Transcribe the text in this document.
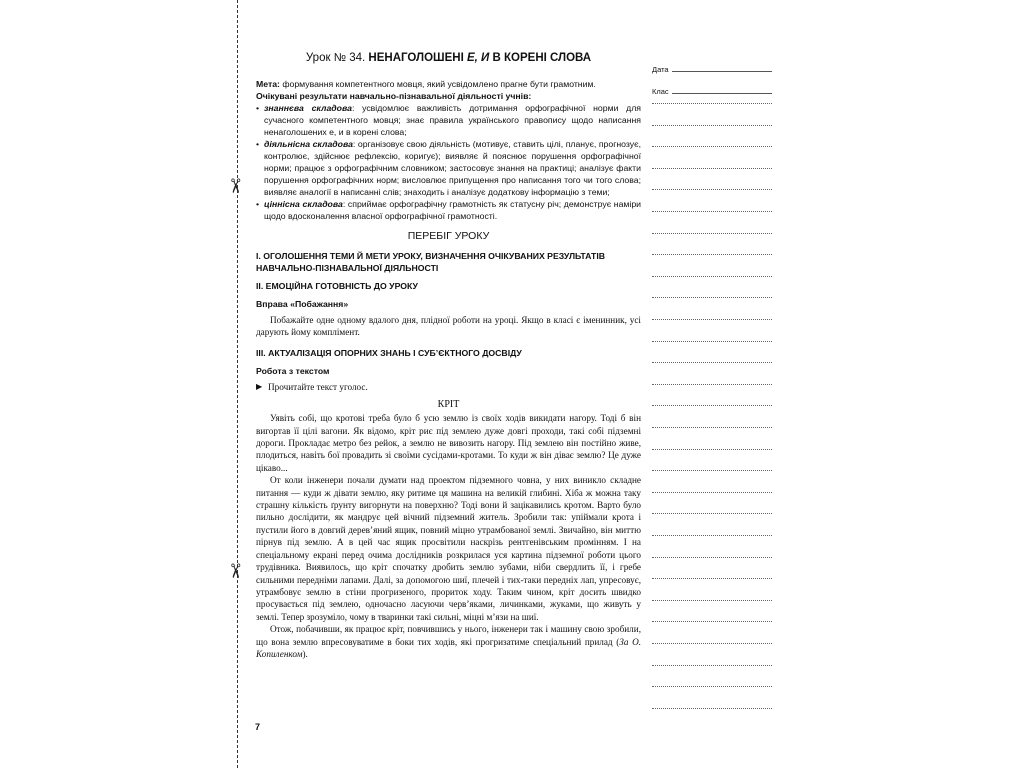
✂
✂
Урок № 34. НЕНАГОЛОШЕНІ Е, И В КОРЕНІ СЛОВА

Мета: формування компетентного мовця, який усвідомлено прагне бути грамотним.

Очікувані результати навчально-пізнавальної діяльності учнів:

• знаннєва складова: усвідомлює важливість дотримання орфографічної норми для сучасного компетентного мовця; знає правила українського правопису щодо написання ненаголошених е, и в корені слова;
• діяльнісна складова: організовує свою діяльність (мотивує, ставить цілі, планує, прогнозує, контролює, здійснює рефлексію, коригує); виявляє й пояснює порушення орфографічної норми; працює з орфографічним словником; застосовує знання на практиці; аналізує факти порушення орфографічних норм; висловлює припущення про написання того чи того слова; виявляє аналогії в написанні слів; знаходить і аналізує додаткову інформацію з теми;
• ціннісна складова: сприймає орфографічну грамотність як статусну річ; демонструє наміри щодо вдосконалення власної орфографічної грамотності.
ПЕРЕБІГ УРОКУ
I. ОГОЛОШЕННЯ ТЕМИ Й МЕТИ УРОКУ, ВИЗНАЧЕННЯ ОЧІКУВАНИХ РЕЗУЛЬТАТІВ НАВЧАЛЬНО-ПІЗНАВАЛЬНОЇ ДІЯЛЬНОСТІ
II. ЕМОЦІЙНА ГОТОВНІСТЬ ДО УРОКУ
Вправа «Побажання»

Побажайте одне одному вдалого дня, плідної роботи на уроці. Якщо в класі є іменинник, усі дарують йому комплімент.

III. АКТУАЛІЗАЦІЯ ОПОРНИХ ЗНАНЬ І СУБ’ЄКТНОГО ДОСВІДУ
Робота з текстом
▶ Прочитайте текст уголос.
КРІТ

Уявіть собі, що кротові треба було б усю землю із своїх ходів викидати нагору. Тоді б він вигортав її цілі вагони. Як відомо, кріт риє під землею дуже довгі проходи, такі собі підземні дороги. Прокладає метро без рейок, а землю не вивозить нагору. Під землею він постійно живе, плодиться, навіть бої провадить зі своїми сусідами-кротами. То куди ж він діває землю? Це дуже цікаво...

От коли інженери почали думати над проектом підземного човна, у них виникло складне питання — куди ж дівати землю, яку ритиме ця машина на великій глибині. Хіба ж можна таку страшну кількість ґрунту вигорнути на поверхню? Тоді вони й зацікавились кротом. Варто було пильно дослідити, як мандрує цей вічний підземний житель. Зробили так: упіймали крота і пустили його в довгий дерев’яний ящик, повний міцно утрамбованої землі. Звичайно, він миттю пірнув під землю. А в цей час ящик просвітили наскрізь рентгенівським промінням. І на спеціальному екрані перед очима дослідників розкрилася уся картина підземної роботи цього трудівника. Виявилось, що кріт спочатку дробить землю зубами, ніби свердлить її, і гребе сильними передніми лапами. Далі, за допомогою шиї, плечей і тих-таки передніх лап, упресовує, утрамбовує землю в стіни прогризеного, прориток ходу. Таким чином, кріт досить швидко просувається під землею, одночасно ласуючи черв’яками, личинками, жуками, що живуть у землі. Тепер зрозуміло, чому в тваринки такі сильні, міцні м’язи на шиї.

Отож, побачивши, як працює кріт, повчившись у нього, інженери так і машину свою зробили, що вона землю впресовуватиме в боки тих ходів, які прогризатиме спеціальний прилад (За О. Копиленком).

7
Дата
Клас
